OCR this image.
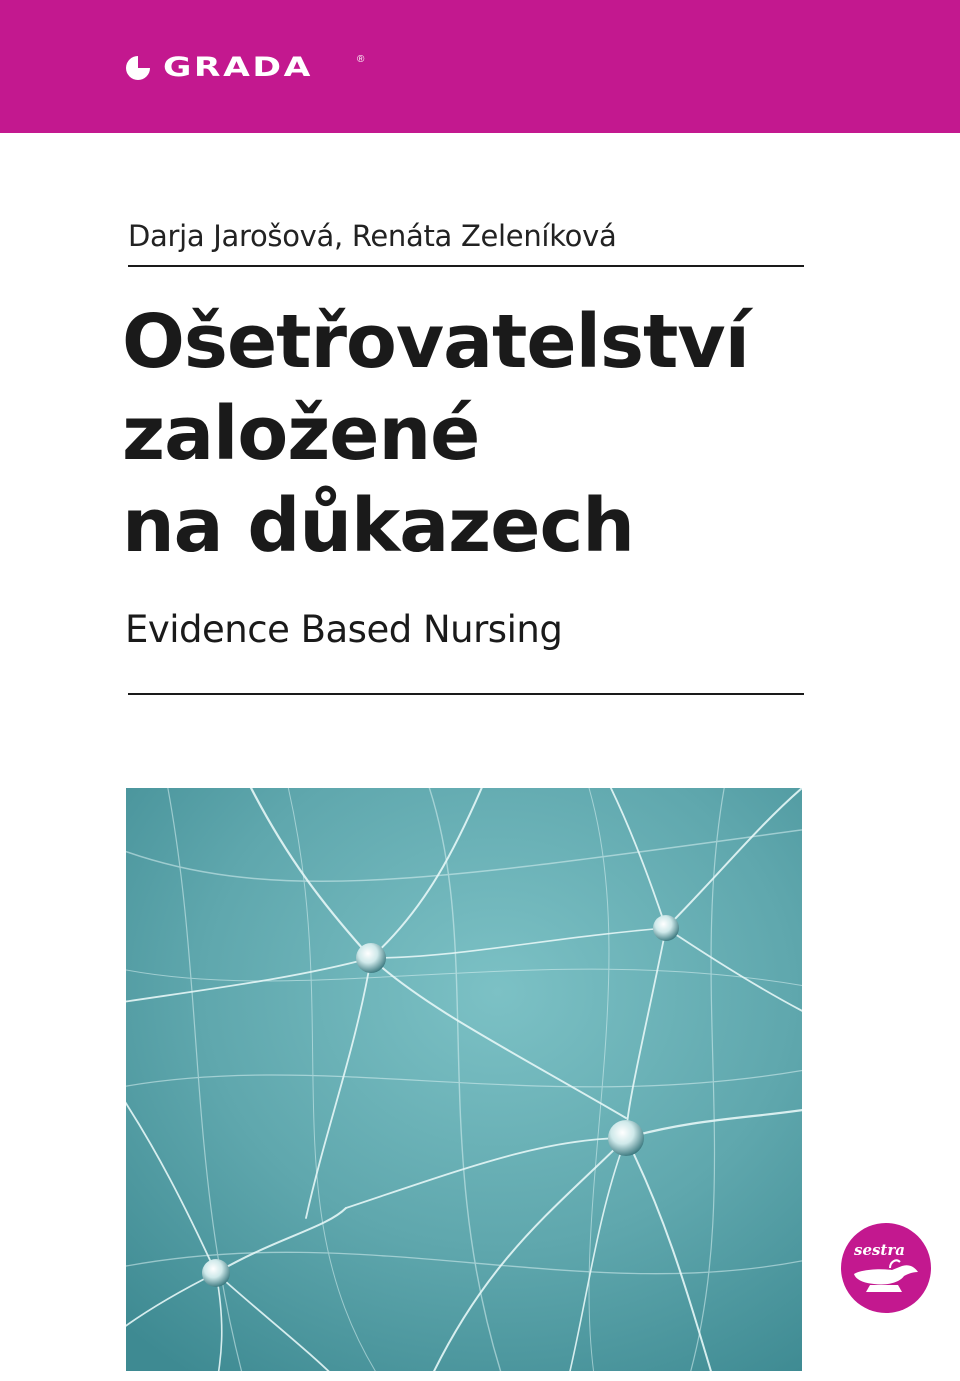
GRADA	®
Darja Jarošová, Renáta Zeleníková
Ošetřovatelství
založené
na důkazech
Evidence Based Nursing
sestra
